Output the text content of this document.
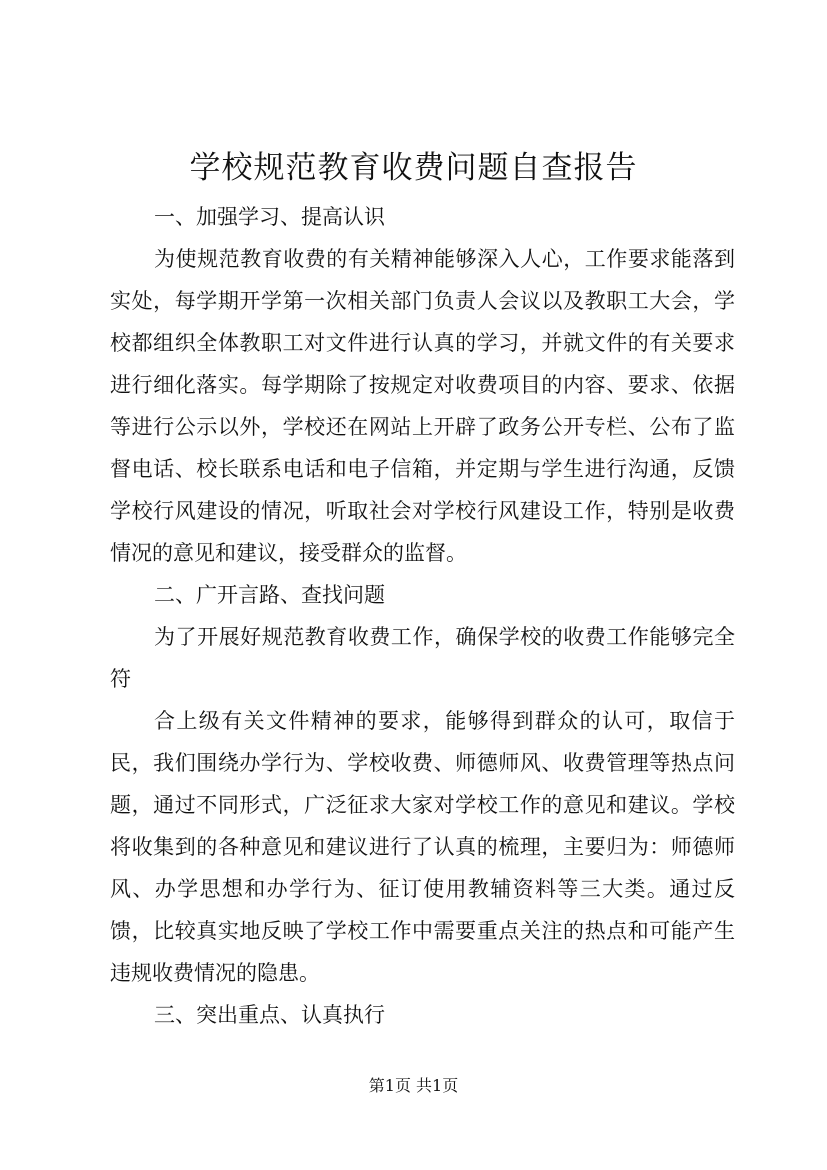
学校规范教育收费问题自查报告

一、加强学习、提高认识

为使规范教育收费的有关精神能够深入人心，工作要求能落到实处，每学期开学第一次相关部门负责人会议以及教职工大会，学校都组织全体教职工对文件进行认真的学习，并就文件的有关要求进行细化落实。每学期除了按规定对收费项目的内容、要求、依据等进行公示以外，学校还在网站上开辟了政务公开专栏、公布了监督电话、校长联系电话和电子信箱，并定期与学生进行沟通，反馈学校行风建设的情况，听取社会对学校行风建设工作，特别是收费情况的意见和建议，接受群众的监督。

二、广开言路、查找问题

为了开展好规范教育收费工作，确保学校的收费工作能够完全符

合上级有关文件精神的要求，能够得到群众的认可，取信于民，我们围绕办学行为、学校收费、师德师风、收费管理等热点问题，通过不同形式，广泛征求大家对学校工作的意见和建议。学校将收集到的各种意见和建议进行了认真的梳理，主要归为：师德师风、办学思想和办学行为、征订使用教辅资料等三大类。通过反馈，比较真实地反映了学校工作中需要重点关注的热点和可能产生违规收费情况的隐患。

三、突出重点、认真执行

第1页 共1页
